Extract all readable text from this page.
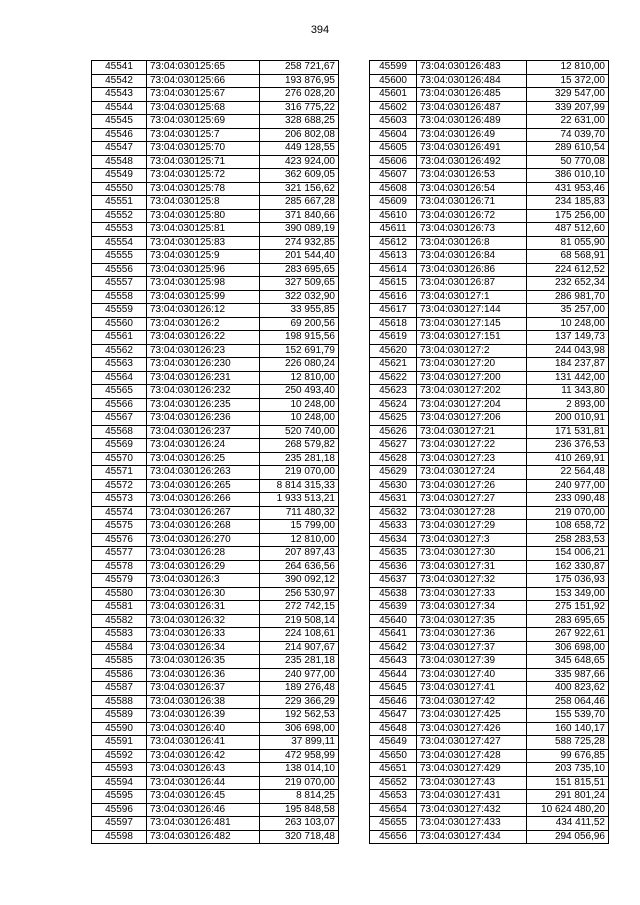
394
45541	73:04:030125:65	258 721,67
45542	73:04:030125:66	193 876,95
45543	73:04:030125:67	276 028,20
45544	73:04:030125:68	316 775,22
45545	73:04:030125:69	328 688,25
45546	73:04:030125:7	206 802,08
45547	73:04:030125:70	449 128,55
45548	73:04:030125:71	423 924,00
45549	73:04:030125:72	362 609,05
45550	73:04:030125:78	321 156,62
45551	73:04:030125:8	285 667,28
45552	73:04:030125:80	371 840,66
45553	73:04:030125:81	390 089,19
45554	73:04:030125:83	274 932,85
45555	73:04:030125:9	201 544,40
45556	73:04:030125:96	283 695,65
45557	73:04:030125:98	327 509,65
45558	73:04:030125:99	322 032,90
45559	73:04:030126:12	33 955,85
45560	73:04:030126:2	69 200,56
45561	73:04:030126:22	198 915,56
45562	73:04:030126:23	152 691,79
45563	73:04:030126:230	226 080,24
45564	73:04:030126:231	12 810,00
45565	73:04:030126:232	250 493,40
45566	73:04:030126:235	10 248,00
45567	73:04:030126:236	10 248,00
45568	73:04:030126:237	520 740,00
45569	73:04:030126:24	268 579,82
45570	73:04:030126:25	235 281,18
45571	73:04:030126:263	219 070,00
45572	73:04:030126:265	8 814 315,33
45573	73:04:030126:266	1 933 513,21
45574	73:04:030126:267	711 480,32
45575	73:04:030126:268	15 799,00
45576	73:04:030126:270	12 810,00
45577	73:04:030126:28	207 897,43
45578	73:04:030126:29	264 636,56
45579	73:04:030126:3	390 092,12
45580	73:04:030126:30	256 530,97
45581	73:04:030126:31	272 742,15
45582	73:04:030126:32	219 508,14
45583	73:04:030126:33	224 108,61
45584	73:04:030126:34	214 907,67
45585	73:04:030126:35	235 281,18
45586	73:04:030126:36	240 977,00
45587	73:04:030126:37	189 276,48
45588	73:04:030126:38	229 366,29
45589	73:04:030126:39	192 562,53
45590	73:04:030126:40	306 698,00
45591	73:04:030126:41	37 899,11
45592	73:04:030126:42	472 958,99
45593	73:04:030126:43	138 014,10
45594	73:04:030126:44	219 070,00
45595	73:04:030126:45	8 814,25
45596	73:04:030126:46	195 848,58
45597	73:04:030126:481	263 103,07
45598	73:04:030126:482	320 718,48
45599	73:04:030126:483	12 810,00
45600	73:04:030126:484	15 372,00
45601	73:04:030126:485	329 547,00
45602	73:04:030126:487	339 207,99
45603	73:04:030126:489	22 631,00
45604	73:04:030126:49	74 039,70
45605	73:04:030126:491	289 610,54
45606	73:04:030126:492	50 770,08
45607	73:04:030126:53	386 010,10
45608	73:04:030126:54	431 953,46
45609	73:04:030126:71	234 185,83
45610	73:04:030126:72	175 256,00
45611	73:04:030126:73	487 512,60
45612	73:04:030126:8	81 055,90
45613	73:04:030126:84	68 568,91
45614	73:04:030126:86	224 612,52
45615	73:04:030126:87	232 652,34
45616	73:04:030127:1	286 981,70
45617	73:04:030127:144	35 257,00
45618	73:04:030127:145	10 248,00
45619	73:04:030127:151	137 149,73
45620	73:04:030127:2	244 043,98
45621	73:04:030127:20	184 237,87
45622	73:04:030127:200	131 442,00
45623	73:04:030127:202	11 343,80
45624	73:04:030127:204	2 893,00
45625	73:04:030127:206	200 010,91
45626	73:04:030127:21	171 531,81
45627	73:04:030127:22	236 376,53
45628	73:04:030127:23	410 269,91
45629	73:04:030127:24	22 564,48
45630	73:04:030127:26	240 977,00
45631	73:04:030127:27	233 090,48
45632	73:04:030127:28	219 070,00
45633	73:04:030127:29	108 658,72
45634	73:04:030127:3	258 283,53
45635	73:04:030127:30	154 006,21
45636	73:04:030127:31	162 330,87
45637	73:04:030127:32	175 036,93
45638	73:04:030127:33	153 349,00
45639	73:04:030127:34	275 151,92
45640	73:04:030127:35	283 695,65
45641	73:04:030127:36	267 922,61
45642	73:04:030127:37	306 698,00
45643	73:04:030127:39	345 648,65
45644	73:04:030127:40	335 987,66
45645	73:04:030127:41	400 823,62
45646	73:04:030127:42	258 064,46
45647	73:04:030127:425	155 539,70
45648	73:04:030127:426	160 140,17
45649	73:04:030127:427	588 725,28
45650	73:04:030127:428	99 676,85
45651	73:04:030127:429	203 735,10
45652	73:04:030127:43	151 815,51
45653	73:04:030127:431	291 801,24
45654	73:04:030127:432	10 624 480,20
45655	73:04:030127:433	434 411,52
45656	73:04:030127:434	294 056,96
